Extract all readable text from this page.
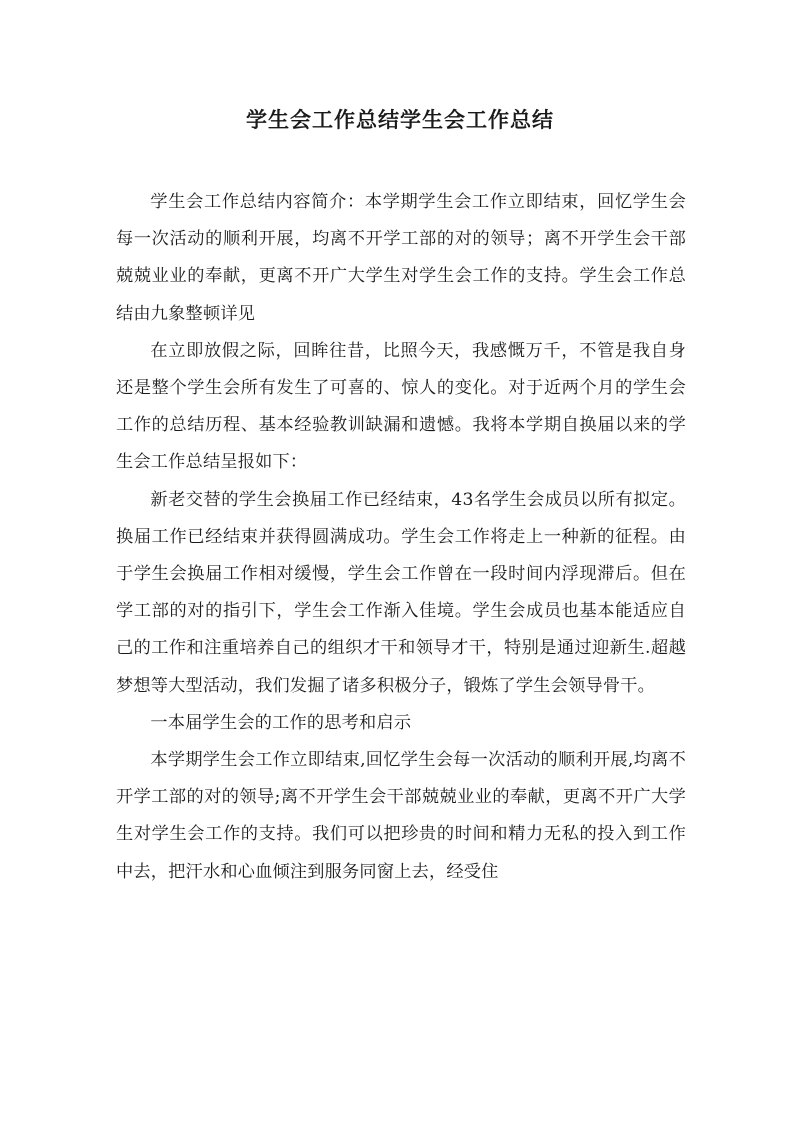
学生会工作总结学生会工作总结

学生会工作总结内容简介：本学期学生会工作立即结束，回忆学生会每一次活动的顺利开展，均离不开学工部的对的领导；离不开学生会干部兢兢业业的奉献，更离不开广大学生对学生会工作的支持。学生会工作总结由九象整顿详见

在立即放假之际，回眸往昔，比照今天，我感慨万千，不管是我自身还是整个学生会所有发生了可喜的、惊人的变化。对于近两个月的学生会工作的总结历程、基本经验教训缺漏和遗憾。我将本学期自换届以来的学生会工作总结呈报如下：

新老交替的学生会换届工作已经结束，43名学生会成员以所有拟定。换届工作已经结束并获得圆满成功。学生会工作将走上一种新的征程。由于学生会换届工作相对缓慢，学生会工作曾在一段时间内浮现滞后。但在学工部的对的指引下，学生会工作渐入佳境。学生会成员也基本能适应自己的工作和注重培养自己的组织才干和领导才干，特别是通过迎新生.超越梦想等大型活动，我们发掘了诸多积极分子，锻炼了学生会领导骨干。

一本届学生会的工作的思考和启示

本学期学生会工作立即结束,回忆学生会每一次活动的顺利开展,均离不开学工部的对的领导;离不开学生会干部兢兢业业的奉献，更离不开广大学生对学生会工作的支持。我们可以把珍贵的时间和精力无私的投入到工作中去，把汗水和心血倾注到服务同窗上去，经受住
